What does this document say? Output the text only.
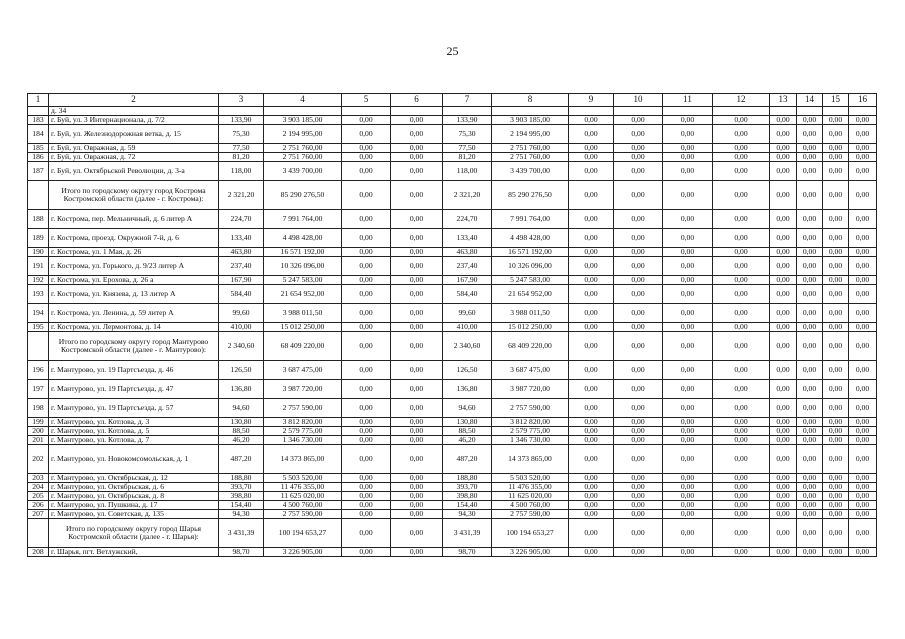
25
1	2	3	4	5	6	7	8	9	10	11	12	13	14	15	16
	д. 34														
183	г. Буй, ул. 3 Интернационала, д. 7/2	133,90	3 903 185,00	0,00	0,00	133,90	3 903 185,00	0,00	0,00	0,00	0,00	0,00	0,00	0,00	0,00
184	г. Буй, ул. Железнодорожная ветка, д. 15	75,30	2 194 995,00	0,00	0,00	75,30	2 194 995,00	0,00	0,00	0,00	0,00	0,00	0,00	0,00	0,00
185	г. Буй, ул. Овражная, д. 59	77,50	2 751 760,00	0,00	0,00	77,50	2 751 760,00	0,00	0,00	0,00	0,00	0,00	0,00	0,00	0,00
186	г. Буй, ул. Овражная, д. 72	81,20	2 751 760,00	0,00	0,00	81,20	2 751 760,00	0,00	0,00	0,00	0,00	0,00	0,00	0,00	0,00
187	г. Буй, ул. Октябрьской Революции, д. 3-а	118,00	3 439 700,00	0,00	0,00	118,00	3 439 700,00	0,00	0,00	0,00	0,00	0,00	0,00	0,00	0,00
	Итого по городскому округу город Кострома Костромской области (далее - г. Кострома):	2 321,20	85 290 276,50	0,00	0,00	2 321,20	85 290 276,50	0,00	0,00	0,00	0,00	0,00	0,00	0,00	0,00
188	г. Кострома, пер. Мельничный, д. 6 литер А	224,70	7 991 764,00	0,00	0,00	224,70	7 991 764,00	0,00	0,00	0,00	0,00	0,00	0,00	0,00	0,00
189	г. Кострома, проезд. Окружной 7-й, д. 6	133,40	4 498 428,00	0,00	0,00	133,40	4 498 428,00	0,00	0,00	0,00	0,00	0,00	0,00	0,00	0,00
190	г. Кострома, ул. 1 Мая, д. 26	463,80	16 571 192,00	0,00	0,00	463,80	16 571 192,00	0,00	0,00	0,00	0,00	0,00	0,00	0,00	0,00
191	г. Кострома, ул. Горького, д. 9/23 литер А	237,40	10 326 096,00	0,00	0,00	237,40	10 326 096,00	0,00	0,00	0,00	0,00	0,00	0,00	0,00	0,00
192	г. Кострома, ул. Ерохова, д. 26 а	167,90	5 247 583,00	0,00	0,00	167,90	5 247 583,00	0,00	0,00	0,00	0,00	0,00	0,00	0,00	0,00
193	г. Кострома, ул. Князева, д. 13 литер А	584,40	21 654 952,00	0,00	0,00	584,40	21 654 952,00	0,00	0,00	0,00	0,00	0,00	0,00	0,00	0,00
194	г. Кострома, ул. Ленина, д. 59 литер А	99,60	3 988 011,50	0,00	0,00	99,60	3 988 011,50	0,00	0,00	0,00	0,00	0,00	0,00	0,00	0,00
195	г. Кострома, ул. Лермонтова, д. 14	410,00	15 012 250,00	0,00	0,00	410,00	15 012 250,00	0,00	0,00	0,00	0,00	0,00	0,00	0,00	0,00
	Итого по городскому округу город Мантурово Костромской области (далее - г. Мантурово):	2 340,60	68 409 220,00	0,00	0,00	2 340,60	68 409 220,00	0,00	0,00	0,00	0,00	0,00	0,00	0,00	0,00
196	г. Мантурово, ул. 19 Партсъезда, д. 46	126,50	3 687 475,00	0,00	0,00	126,50	3 687 475,00	0,00	0,00	0,00	0,00	0,00	0,00	0,00	0,00
197	г. Мантурово, ул. 19 Партсъезда, д. 47	136,80	3 987 720,00	0,00	0,00	136,80	3 987 720,00	0,00	0,00	0,00	0,00	0,00	0,00	0,00	0,00
198	г. Мантурово, ул. 19 Партсъезда, д. 57	94,60	2 757 590,00	0,00	0,00	94,60	2 757 590,00	0,00	0,00	0,00	0,00	0,00	0,00	0,00	0,00
199	г. Мантурово, ул. Котлова, д. 3	130,80	3 812 820,00	0,00	0,00	130,80	3 812 820,00	0,00	0,00	0,00	0,00	0,00	0,00	0,00	0,00
200	г. Мантурово, ул. Котлова, д. 5	88,50	2 579 775,00	0,00	0,00	88,50	2 579 775,00	0,00	0,00	0,00	0,00	0,00	0,00	0,00	0,00
201	г. Мантурово, ул. Котлова, д. 7	46,20	1 346 730,00	0,00	0,00	46,20	1 346 730,00	0,00	0,00	0,00	0,00	0,00	0,00	0,00	0,00
202	г. Мантурово, ул. Новокомсомольская, д. 1	487,20	14 373 865,00	0,00	0,00	487,20	14 373 865,00	0,00	0,00	0,00	0,00	0,00	0,00	0,00	0,00
203	г. Мантурово, ул. Октябрьская, д. 12	188,80	5 503 520,00	0,00	0,00	188,80	5 503 520,00	0,00	0,00	0,00	0,00	0,00	0,00	0,00	0,00
204	г. Мантурово, ул. Октябрьская, д. 6	393,70	11 476 355,00	0,00	0,00	393,70	11 476 355,00	0,00	0,00	0,00	0,00	0,00	0,00	0,00	0,00
205	г. Мантурово, ул. Октябрьская, д. 8	398,80	11 625 020,00	0,00	0,00	398,80	11 625 020,00	0,00	0,00	0,00	0,00	0,00	0,00	0,00	0,00
206	г. Мантурово, ул. Пушкина, д. 17	154,40	4 500 760,00	0,00	0,00	154,40	4 500 760,00	0,00	0,00	0,00	0,00	0,00	0,00	0,00	0,00
207	г. Мантурово, ул. Советская, д. 135	94,30	2 757 590,00	0,00	0,00	94,30	2 757 590,00	0,00	0,00	0,00	0,00	0,00	0,00	0,00	0,00
	Итого по городскому округу город Шарья Костромской области (далее - г. Шарья):	3 431,39	100 194 653,27	0,00	0,00	3 431,39	100 194 653,27	0,00	0,00	0,00	0,00	0,00	0,00	0,00	0,00
208	г. Шарья, пгт. Ветлужский,	98,70	3 226 905,00	0,00	0,00	98,70	3 226 905,00	0,00	0,00	0,00	0,00	0,00	0,00	0,00	0,00
